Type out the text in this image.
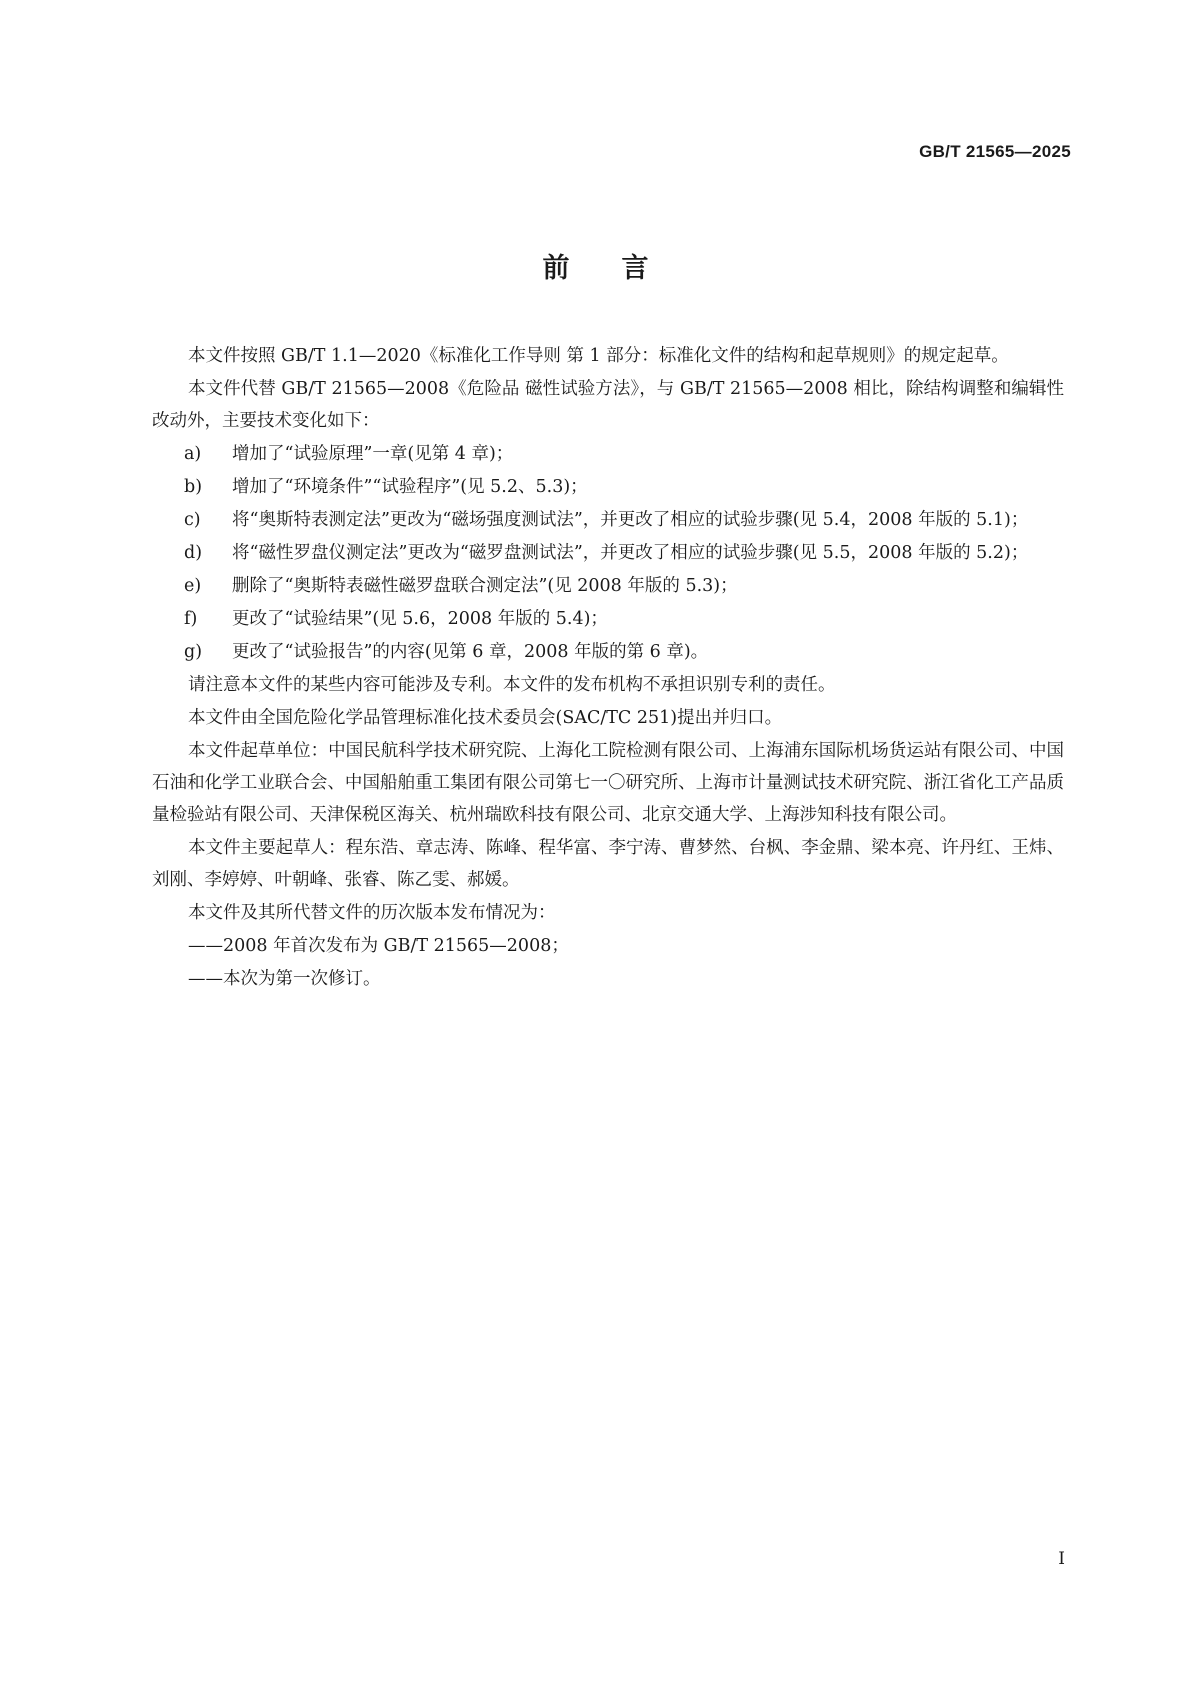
GB/T 21565—2025
前言

本文件按照 GB/T 1.1—2020《标准化工作导则 第 1 部分：标准化文件的结构和起草规则》的规定起草。

本文件代替 GB/T 21565—2008《危险品 磁性试验方法》，与 GB/T 21565—2008 相比，除结构调整和编辑性改动外，主要技术变化如下：

a)	增加了“试验原理”一章(见第 4 章)；
b)	增加了“环境条件”“试验程序”(见 5.2、5.3)；
c)	将“奥斯特表测定法”更改为“磁场强度测试法”，并更改了相应的试验步骤(见 5.4，2008 年版的 5.1)；
d)	将“磁性罗盘仪测定法”更改为“磁罗盘测试法”，并更改了相应的试验步骤(见 5.5，2008 年版的 5.2)；
e)	删除了“奥斯特表磁性磁罗盘联合测定法”(见 2008 年版的 5.3)；
f)	更改了“试验结果”(见 5.6，2008 年版的 5.4)；
g)	更改了“试验报告”的内容(见第 6 章，2008 年版的第 6 章)。

请注意本文件的某些内容可能涉及专利。本文件的发布机构不承担识别专利的责任。

本文件由全国危险化学品管理标准化技术委员会(SAC/TC 251)提出并归口。

本文件起草单位：中国民航科学技术研究院、上海化工院检测有限公司、上海浦东国际机场货运站有限公司、中国石油和化学工业联合会、中国船舶重工集团有限公司第七一〇研究所、上海市计量测试技术研究院、浙江省化工产品质量检验站有限公司、天津保税区海关、杭州瑞欧科技有限公司、北京交通大学、上海涉知科技有限公司。

本文件主要起草人：程东浩、章志涛、陈峰、程华富、李宁涛、曹梦然、台枫、李金鼎、梁本亮、许丹红、王炜、刘刚、李婷婷、叶朝峰、张睿、陈乙雯、郝媛。

本文件及其所代替文件的历次版本发布情况为：

——2008 年首次发布为 GB/T 21565—2008；
——本次为第一次修订。
I
